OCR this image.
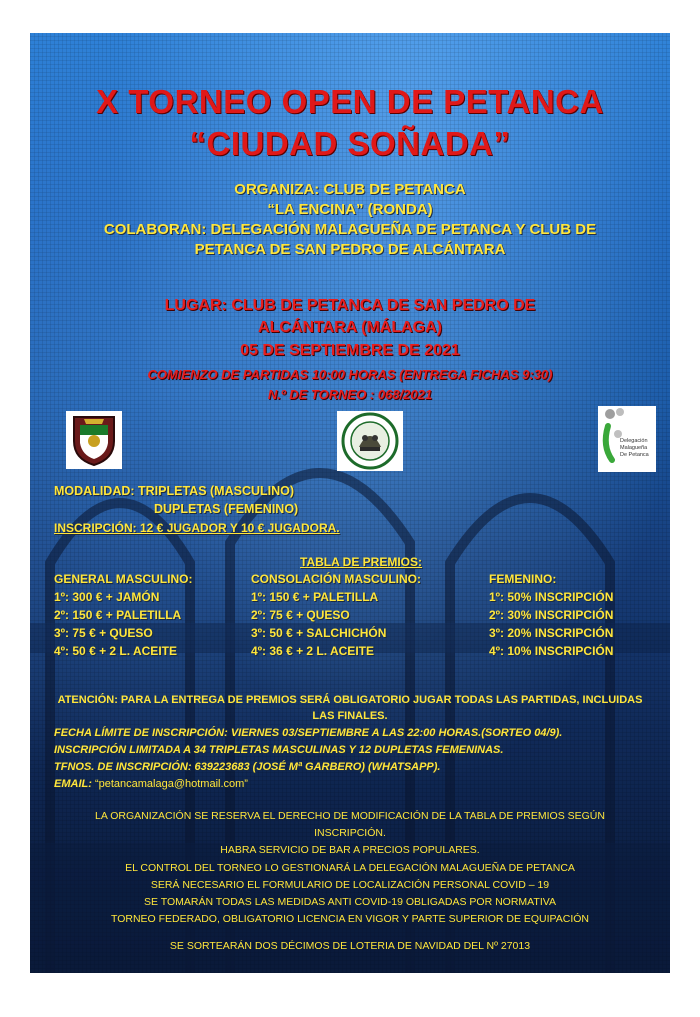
X TORNEO OPEN DE PETANCA
“CIUDAD SOÑADA”
ORGANIZA: CLUB DE PETANCA
“LA ENCINA” (RONDA)
COLABORAN: DELEGACIÓN MALAGUEÑA DE PETANCA Y CLUB DE
PETANCA DE SAN PEDRO DE ALCÁNTARA
LUGAR: CLUB DE PETANCA DE SAN PEDRO DE
ALCÁNTARA (MÁLAGA)
05 DE SEPTIEMBRE DE 2021
COMIENZO DE PARTIDAS 10:00 HORAS (ENTREGA FICHAS 9:30)
N.º DE TORNEO : 068/2021
Delegación
Malagueña
De Petanca
MODALIDAD: TRIPLETAS (MASCULINO)
DUPLETAS (FEMENINO)
INSCRIPCIÓN: 12 € JUGADOR Y 10 € JUGADORA.
TABLA DE PREMIOS:
GENERAL MASCULINO:
1º: 300 € + JAMÓN
2º: 150 € + PALETILLA
3º: 75 € + QUESO
4º: 50 € + 2 L. ACEITE
CONSOLACIÓN MASCULINO:
1º: 150 € + PALETILLA
2º: 75 € + QUESO
3º: 50 € + SALCHICHÓN
4º: 36 € + 2 L. ACEITE
FEMENINO:
1º: 50% INSCRIPCIÓN
2º: 30% INSCRIPCIÓN
3º: 20% INSCRIPCIÓN
4º: 10% INSCRIPCIÓN
ATENCIÓN: PARA LA ENTREGA DE PREMIOS SERÁ OBLIGATORIO JUGAR TODAS LAS PARTIDAS, INCLUIDAS
LAS FINALES.
FECHA LÍMITE DE INSCRIPCIÓN: VIERNES 03/SEPTIEMBRE A LAS 22:00 HORAS.(SORTEO 04/9).
INSCRIPCIÓN LIMITADA A 34 TRIPLETAS MASCULINAS Y 12 DUPLETAS FEMENINAS.
TFNOS. DE INSCRIPCIÓN: 639223683 (JOSÉ Mª GARBERO) (WHATSAPP).
EMAIL: “petancamalaga@hotmail.com”
LA ORGANIZACIÓN SE RESERVA EL DERECHO DE MODIFICACIÓN DE LA TABLA DE PREMIOS SEGÚN
INSCRIPCIÓN.
HABRA SERVICIO DE BAR A PRECIOS POPULARES.
EL CONTROL DEL TORNEO LO GESTIONARÁ LA DELEGACIÓN MALAGUEÑA DE PETANCA
SERÁ NECESARIO EL FORMULARIO DE LOCALIZACIÓN PERSONAL COVID – 19
SE TOMARÁN TODAS LAS MEDIDAS ANTI COVID-19 OBLIGADAS POR NORMATIVA
TORNEO FEDERADO, OBLIGATORIO LICENCIA EN VIGOR Y PARTE SUPERIOR DE EQUIPACIÓN
SE SORTEARÁN DOS DÉCIMOS DE LOTERIA DE NAVIDAD DEL Nº 27013
